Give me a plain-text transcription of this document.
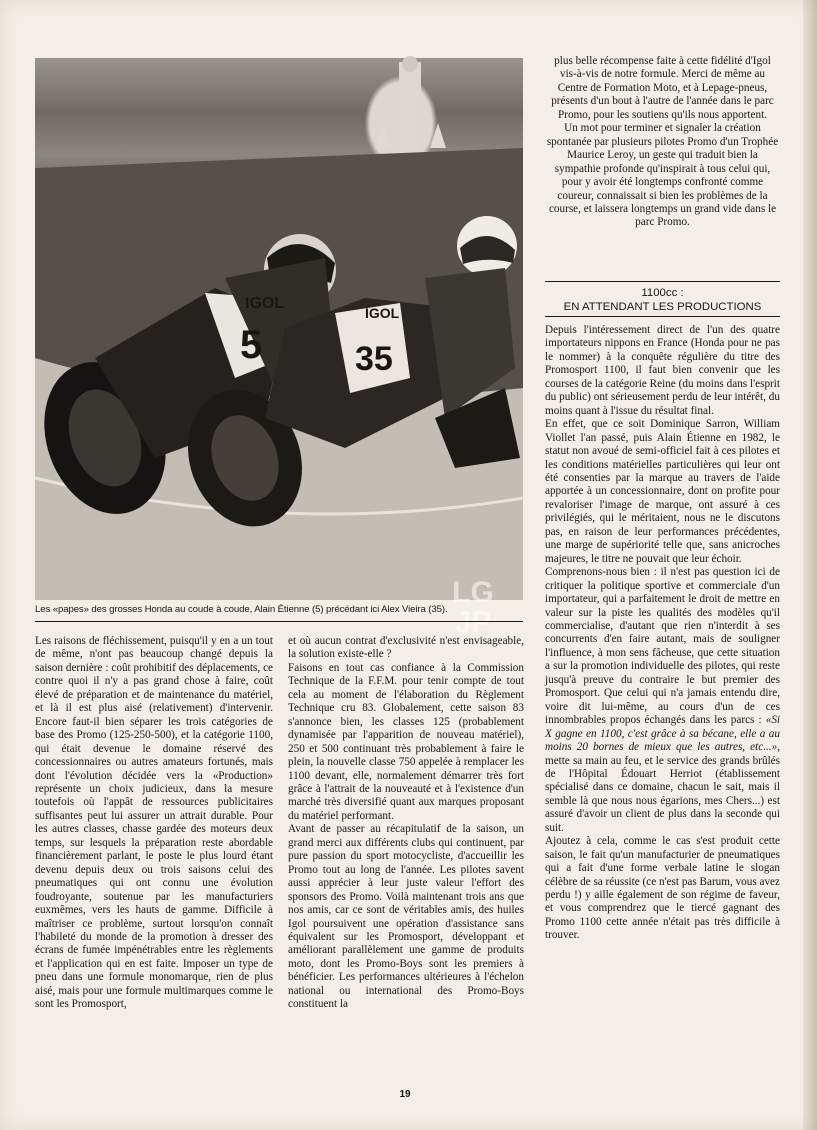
5	35
IGOL
IGOL
LG JP
Les «papes» des grosses Honda au coude à coude, Alain Étienne (5) précédant ici Alex Vieira (35).

Les raisons de fléchissement, puisqu'il y en a un tout de même, n'ont pas beaucoup changé depuis la saison dernière : coût prohibitif des déplacements, ce contre quoi il n'y a pas grand chose à faire, coût élevé de préparation et de maintenance du matériel, et là il est plus aisé (relativement) d'intervenir. Encore faut-il bien séparer les trois catégories de base des Promo (125-250-500), et la catégorie 1100, qui était devenue le domaine réservé des concessionnaires ou autres amateurs fortunés, mais dont l'évolution décidée vers la «Production» représente un choix judicieux, dans la mesure toutefois où l'appât de ressources publicitaires suffisantes peut lui assurer un attrait durable. Pour les autres classes, chasse gardée des moteurs deux temps, sur lesquels la préparation reste abordable financièrement parlant, le poste le plus lourd étant devenu depuis deux ou trois saisons celui des pneumatiques qui ont connu une évolution foudroyante, soutenue par les manufacturiers euxmêmes, vers les hauts de gamme. Difficile à maîtriser ce problème, surtout lorsqu'on connaît l'habileté du monde de la promotion à dresser des écrans de fumée impénétrables entre les règlements et l'application qui en est faite. Imposer un type de pneu dans une formule monomarque, rien de plus aisé, mais pour une formule multimarques comme le sont les Promosport,

et où aucun contrat d'exclusivité n'est envisageable, la solution existe-elle ?

Faisons en tout cas confiance à la Commission Technique de la F.F.M. pour tenir compte de tout cela au moment de l'élaboration du Règlement Technique cru 83. Globalement, cette saison 83 s'annonce bien, les classes 125 (probablement dynamisée par l'apparition de nouveau matériel), 250 et 500 continuant très probablement à faire le plein, la nouvelle classe 750 appelée à remplacer les 1100 devant, elle, normalement démarrer très fort grâce à l'attrait de la nouveauté et à l'existence d'un marché très diversifié quant aux marques proposant du matériel performant.

Avant de passer au récapitulatif de la saison, un grand merci aux différents clubs qui continuent, par pure passion du sport motocycliste, d'accueillir les Promo tout au long de l'année. Les pilotes savent aussi apprécier à leur juste valeur l'effort des sponsors des Promo. Voilà maintenant trois ans que nos amis, car ce sont de véritables amis, des huiles Igol poursuivent une opération d'assistance sans équivalent sur les Promosport, développant et améliorant parallèlement une gamme de produits moto, dont les Promo-Boys sont les premiers à bénéficier. Les performances ultérieures à l'échelon national ou international des Promo-Boys constituent la

plus belle récompense faite à cette fidélité d'Igol vis-à-vis de notre formule. Merci de même au Centre de Formation Moto, et à Lepage-pneus, présents d'un bout à l'autre de l'année dans le parc Promo, pour les soutiens qu'ils nous apportent.

Un mot pour terminer et signaler la création spontanée par plusieurs pilotes Promo d'un Trophée Maurice Leroy, un geste qui traduit bien la sympathie profonde qu'inspirait à tous celui qui, pour y avoir été longtemps confronté comme coureur, connaissait si bien les problèmes de la course, et laissera longtemps un grand vide dans le parc Promo.

1100cc :
EN ATTENDANT LES PRODUCTIONS

Depuis l'intéressement direct de l'un des quatre importateurs nippons en France (Honda pour ne pas le nommer) à la conquête régulière du titre des Promosport 1100, il faut bien convenir que les courses de la catégorie Reine (du moins dans l'esprit du public) ont sérieusement perdu de leur intérêt, du moins quant à l'issue du résultat final.

En effet, que ce soit Dominique Sarron, William Viollet l'an passé, puis Alain Étienne en 1982, le statut non avoué de semi-officiel fait à ces pilotes et les conditions matérielles particulières qui leur ont été consenties par la marque au travers de l'aide apportée à un concessionnaire, dont on profite pour revaloriser l'image de marque, ont assuré à ces privilégiés, qui le méritaient, nous ne le discutons pas, en raison de leur performances précédentes, une marge de supériorité telle que, sans anicroches majeures, le titre ne pouvait que leur échoir.

Comprenons-nous bien : il n'est pas question ici de critiquer la politique sportive et commerciale d'un importateur, qui a parfaitement le droit de mettre en valeur sur la piste les qualités des modèles qu'il commercialise, d'autant que rien n'interdit à ses concurrents d'en faire autant, mais de souligner l'influence, à mon sens fâcheuse, que cette situation a sur la promotion individuelle des pilotes, qui reste jusqu'à preuve du contraire le but premier des Promosport. Que celui qui n'a jamais entendu dire, voire dit lui-même, au cours d'un de ces innombrables propos échangés dans les parcs : «Si X gagne en 1100, c'est grâce à sa bécane, elle a au moins 20 bornes de mieux que les autres, etc...», mette sa main au feu, et le service des grands brûlés de l'Hôpital Édouart Herriot (établissement spécialisé dans ce domaine, chacun le sait, mais il semble là que nous nous égarions, mes Chers...) est assuré d'avoir un client de plus dans la seconde qui suit.

Ajoutez à cela, comme le cas s'est produit cette saison, le fait qu'un manufacturier de pneumatiques qui a fait d'une forme verbale latine le slogan célèbre de sa réussite (ce n'est pas Barum, vous avez perdu !) y aille également de son régime de faveur, et vous comprendrez que le tiercé gagnant des Promo 1100 cette année n'était pas très difficile à trouver.

19
